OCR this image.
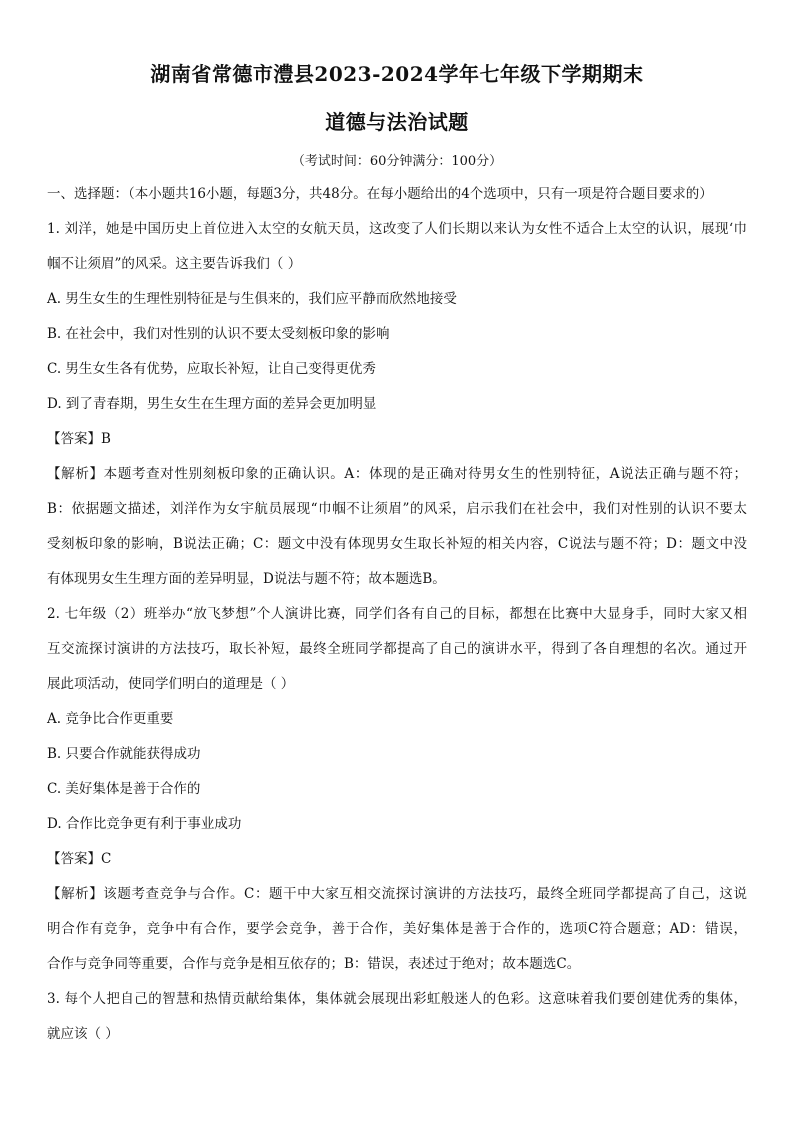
湖南省常德市澧县2023-2024学年七年级下学期期末
道德与法治试题
（考试时间：60分钟满分：100分）
一、选择题：（本小题共16小题，每题3分，共48分。在每小题给出的4个选项中，只有一项是符合题目要求的）
1. 刘洋，她是中国历史上首位进入太空的女航天员，这改变了人们长期以来认为女性不适合上太空的认识，展现‘巾
帼不让须眉”的风采。这主要告诉我们（ ）
A. 男生女生的生理性别特征是与生俱来的，我们应平静而欣然地接受
B. 在社会中，我们对性别的认识不要太受刻板印象的影响
C. 男生女生各有优势，应取长补短，让自己变得更优秀
D. 到了青春期，男生女生在生理方面的差异会更加明显
【答案】B
【解析】本题考查对性别刻板印象的正确认识。A：体现的是正确对待男女生的性别特征，A说法正确与题不符；
B：依据题文描述，刘洋作为女宇航员展现“巾帼不让须眉”的风采，启示我们在社会中，我们对性别的认识不要太
受刻板印象的影响，B说法正确；C：题文中没有体现男女生取长补短的相关内容，C说法与题不符；D：题文中没
有体现男女生生理方面的差异明显，D说法与题不符；故本题选B。
2. 七年级（2）班举办“放飞梦想”个人演讲比赛，同学们各有自己的目标，都想在比赛中大显身手，同时大家又相
互交流探讨演讲的方法技巧，取长补短，最终全班同学都提高了自己的演讲水平，得到了各自理想的名次。通过开
展此项活动，使同学们明白的道理是（ ）
A. 竞争比合作更重要
B. 只要合作就能获得成功
C. 美好集体是善于合作的
D. 合作比竞争更有利于事业成功
【答案】C
【解析】该题考查竞争与合作。C：题干中大家互相交流探讨演讲的方法技巧，最终全班同学都提高了自己，这说
明合作有竞争，竞争中有合作，要学会竞争，善于合作，美好集体是善于合作的，选项C符合题意；AD：错误，
合作与竞争同等重要，合作与竞争是相互依存的；B：错误，表述过于绝对；故本题选C。
3. 每个人把自己的智慧和热情贡献给集体，集体就会展现出彩虹般迷人的色彩。这意味着我们要创建优秀的集体，
就应该（ ）
